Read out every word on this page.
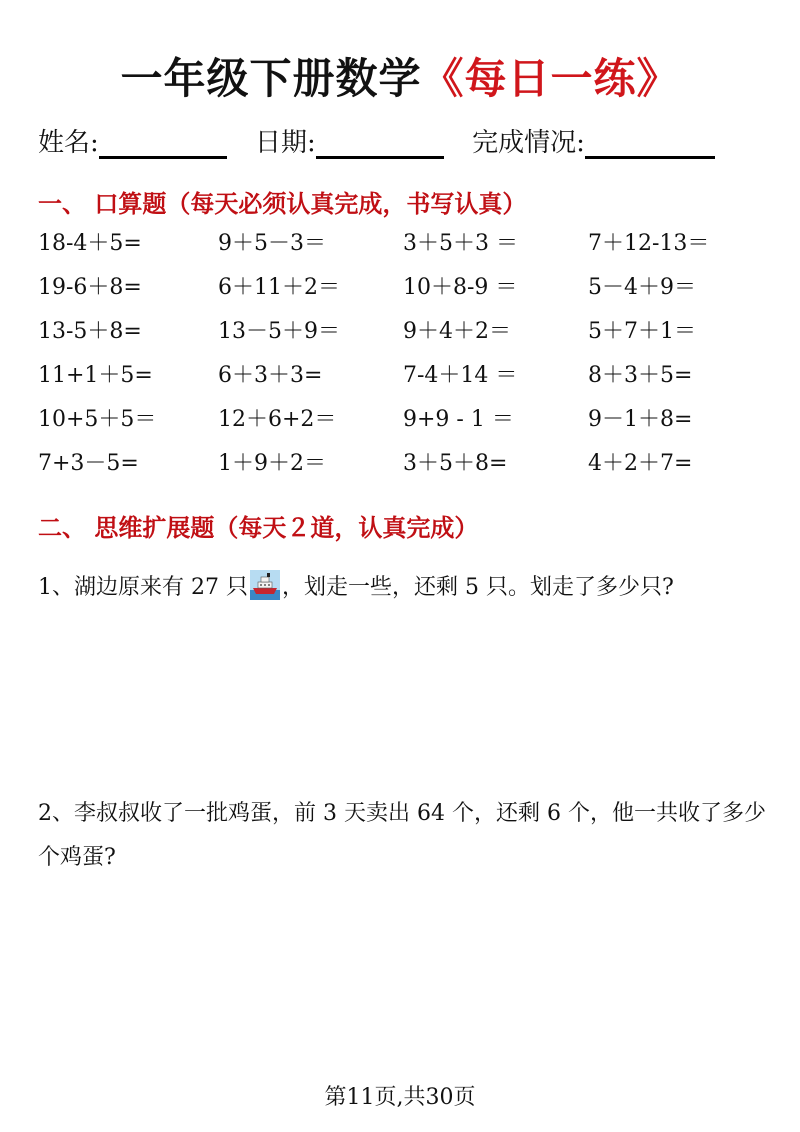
一年级下册数学《每日一练》
姓名:	日期:	完成情况:
一、 口算题（每天必须认真完成，书写认真）
18-4＋5=	9＋5－3＝	3＋5＋3 ＝	7＋12-13＝
19-6＋8=	6＋11＋2＝	10＋8-9 ＝	5－4＋9＝
13-5＋8=	13－5＋9＝	9＋4＋2＝	5＋7＋1＝
11+1＋5=	6＋3＋3=	7-4＋14 ＝	8＋3＋5=
10+5＋5＝	12＋6+2＝	9+9 - 1 ＝	9－1＋8=
7+3－5=	1＋9＋2＝	3＋5＋8=	4＋2＋7=
二、 思维扩展题（每天２道，认真完成）
1、湖边原来有 27 只 ，划走一些，还剩 5 只。划走了多少只?
2、李叔叔收了一批鸡蛋，前 3 天卖出 64 个，还剩 6 个，他一共收了多少个鸡蛋?
第11页,共30页
